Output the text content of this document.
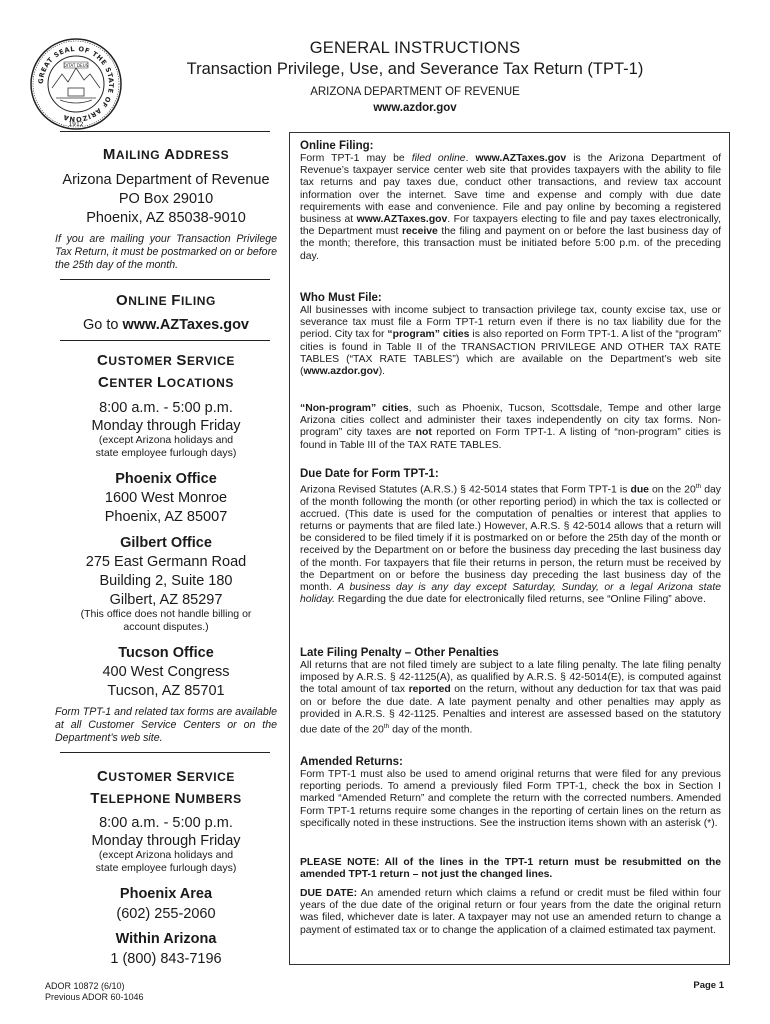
GREAT SEAL OF THE STATE OF ARIZONA
DITAT DEUS
1912
GENERAL INSTRUCTIONS
Transaction Privilege, Use, and Severance Tax Return (TPT-1)
ARIZONA DEPARTMENT OF REVENUE
www.azdor.gov
MAILING ADDRESS
Arizona Department of Revenue
PO Box 29010
Phoenix, AZ 85038-9010
If you are mailing your Transaction Privilege Tax Return, it must be postmarked on or before the 25th day of the month.
ONLINE FILING
Go to www.AZTaxes.gov
CUSTOMER SERVICE
CENTER LOCATIONS
8:00 a.m. - 5:00 p.m.
Monday through Friday
(except Arizona holidays and
state employee furlough days)
Phoenix Office
1600 West Monroe
Phoenix, AZ 85007
Gilbert Office
275 East Germann Road
Building 2, Suite 180
Gilbert, AZ 85297
(This office does not handle billing or
account disputes.)
Tucson Office
400 West Congress
Tucson, AZ 85701
Form TPT-1 and related tax forms are available at all Customer Service Centers or on the Department’s web site.
CUSTOMER SERVICE
TELEPHONE NUMBERS
8:00 a.m. - 5:00 p.m.
Monday through Friday
(except Arizona holidays and
state employee furlough days)
Phoenix Area
(602) 255-2060
Within Arizona
1 (800) 843-7196
Online Filing:
Form TPT-1 may be filed online. www.AZTaxes.gov is the Arizona Department of Revenue’s taxpayer service center web site that provides taxpayers with the ability to file tax returns and pay taxes due, conduct other transactions, and review tax account information over the internet. Save time and expense and comply with due date requirements with ease and convenience. File and pay online by becoming a registered business at www.AZTaxes.gov. For taxpayers electing to file and pay taxes electronically, the Department must receive the filing and payment on or before the last business day of the month; therefore, this transaction must be initiated before 5:00 p.m. of the preceding day.
Who Must File:
All businesses with income subject to transaction privilege tax, county excise tax, use or severance tax must file a Form TPT-1 return even if there is no tax liability due for the period. City tax for “program” cities is also reported on Form TPT-1. A list of the “program” cities is found in Table II of the TRANSACTION PRIVILEGE AND OTHER TAX RATE TABLES (“TAX RATE TABLES”) which are available on the Department’s web site (www.azdor.gov).
“Non-program” cities, such as Phoenix, Tucson, Scottsdale, Tempe and other large Arizona cities collect and administer their taxes independently on city tax forms. Non-program” city taxes are not reported on Form TPT-1. A listing of “non-program” cities is found in Table III of the TAX RATE TABLES.
Due Date for Form TPT-1:
Arizona Revised Statutes (A.R.S.) § 42-5014 states that Form TPT-1 is due on the 20th day of the month following the month (or other reporting period) in which the tax is collected or accrued. (This date is used for the computation of penalties or interest that applies to returns or payments that are filed late.) However, A.R.S. § 42-5014 allows that a return will be considered to be filed timely if it is postmarked on or before the 25th day of the month or received by the Department on or before the business day preceding the last business day of the month. For taxpayers that file their returns in person, the return must be received by the Department on or before the business day preceding the last business day of the month. A business day is any day except Saturday, Sunday, or a legal Arizona state holiday. Regarding the due date for electronically filed returns, see “Online Filing” above.
Late Filing Penalty – Other Penalties
All returns that are not filed timely are subject to a late filing penalty. The late filing penalty imposed by A.R.S. § 42-1125(A), as qualified by A.R.S. § 42-5014(E), is computed against the total amount of tax reported on the return, without any deduction for tax that was paid on or before the due date. A late payment penalty and other penalties may apply as provided in A.R.S. § 42-1125. Penalties and interest are assessed based on the statutory due date of the 20th day of the month.
Amended Returns:
Form TPT-1 must also be used to amend original returns that were filed for any previous reporting periods. To amend a previously filed Form TPT-1, check the box in Section I marked “Amended Return” and complete the return with the corrected numbers. Amended Form TPT-1 returns require some changes in the reporting of certain lines on the return as specifically noted in these instructions. See the instruction items shown with an asterisk (*).
PLEASE NOTE: All of the lines in the TPT-1 return must be resubmitted on the amended TPT-1 return – not just the changed lines.
DUE DATE: An amended return which claims a refund or credit must be filed within four years of the due date of the original return or four years from the date the original return was filed, whichever date is later. A taxpayer may not use an amended return to change a payment of estimated tax or to change the application of a claimed estimated tax payment.
ADOR 10872 (6/10)
Previous ADOR 60-1046
Page 1
